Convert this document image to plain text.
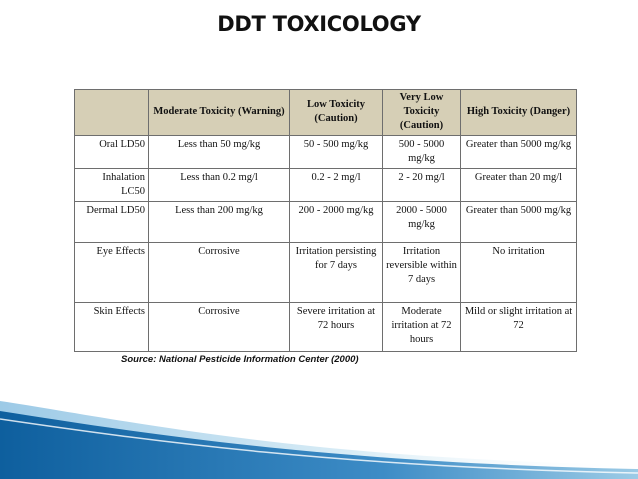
DDT TOXICOLOGY
	Moderate Toxicity (Warning)	Low Toxicity (Caution)	Very Low Toxicity (Caution)	High Toxicity (Danger)
Oral LD50	Less than 50 mg/kg	50 - 500 mg/kg	500 - 5000 mg/kg	Greater than 5000 mg/kg
Inhalation LC50	Less than 0.2 mg/l	0.2 - 2 mg/l	2 - 20 mg/l	Greater than 20 mg/l
Dermal LD50	Less than 200 mg/kg	200 - 2000 mg/kg	2000 - 5000 mg/kg	Greater than 5000 mg/kg
Eye Effects	Corrosive	Irritation persisting for 7 days	Irritation reversible within 7 days	No irritation
Skin Effects	Corrosive	Severe irritation at 72 hours	Moderate irritation at 72 hours	Mild or slight irritation at 72
Source: National Pesticide Information Center (2000)
